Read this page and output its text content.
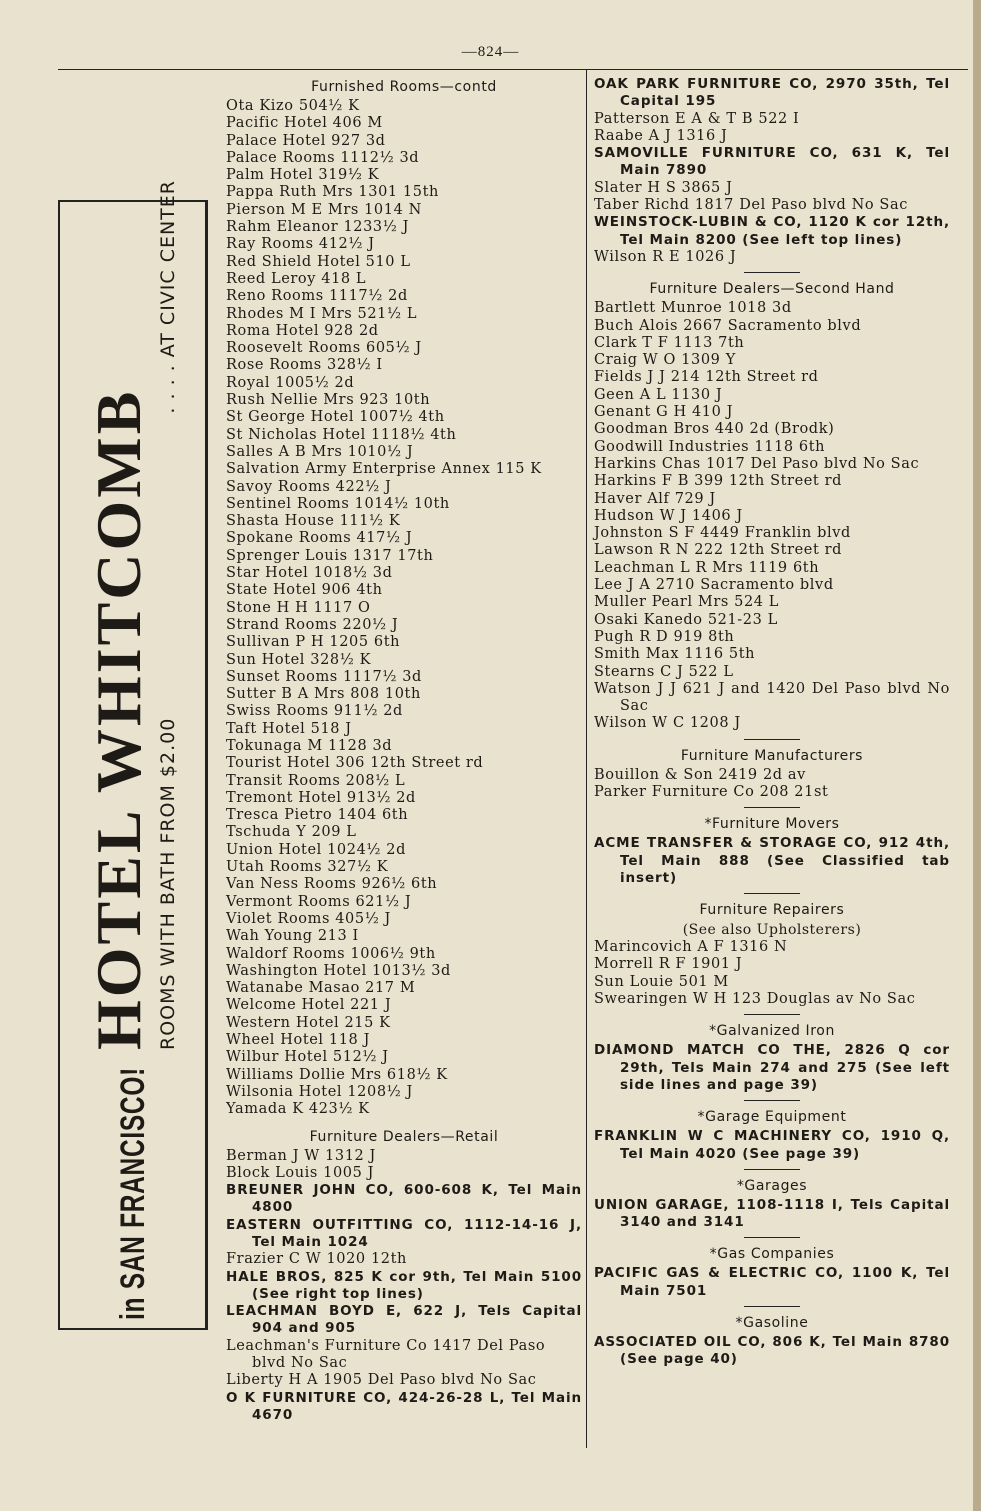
—824—
in SAN FRANCISCO!
HOTEL WHITCOMB ROOMS WITH BATH FROM $2.00
. . . . AT CIVIC CENTER
Furnished Rooms—contd
Ota Kizo 504½ K
Pacific Hotel 406 M
Palace Hotel 927 3d
Palace Rooms 1112½ 3d
Palm Hotel 319½ K
Pappa Ruth Mrs 1301 15th
Pierson M E Mrs 1014 N
Rahm Eleanor 1233½ J
Ray Rooms 412½ J
Red Shield Hotel 510 L
Reed Leroy 418 L
Reno Rooms 1117½ 2d
Rhodes M I Mrs 521½ L
Roma Hotel 928 2d
Roosevelt Rooms 605½ J
Rose Rooms 328½ I
Royal 1005½ 2d
Rush Nellie Mrs 923 10th
St George Hotel 1007½ 4th
St Nicholas Hotel 1118½ 4th
Salles A B Mrs 1010½ J
Salvation Army Enterprise Annex 115 K
Savoy Rooms 422½ J
Sentinel Rooms 1014½ 10th
Shasta House 111½ K
Spokane Rooms 417½ J
Sprenger Louis 1317 17th
Star Hotel 1018½ 3d
State Hotel 906 4th
Stone H H 1117 O
Strand Rooms 220½ J
Sullivan P H 1205 6th
Sun Hotel 328½ K
Sunset Rooms 1117½ 3d
Sutter B A Mrs 808 10th
Swiss Rooms 911½ 2d
Taft Hotel 518 J
Tokunaga M 1128 3d
Tourist Hotel 306 12th Street rd
Transit Rooms 208½ L
Tremont Hotel 913½ 2d
Tresca Pietro 1404 6th
Tschuda Y 209 L
Union Hotel 1024½ 2d
Utah Rooms 327½ K
Van Ness Rooms 926½ 6th
Vermont Rooms 621½ J
Violet Rooms 405½ J
Wah Young 213 I
Waldorf Rooms 1006½ 9th
Washington Hotel 1013½ 3d
Watanabe Masao 217 M
Welcome Hotel 221 J
Western Hotel 215 K
Wheel Hotel 118 J
Wilbur Hotel 512½ J
Williams Dollie Mrs 618½ K
Wilsonia Hotel 1208½ J
Yamada K 423½ K
Furniture Dealers—Retail
Berman J W 1312 J
Block Louis 1005 J
BREUNER JOHN CO, 600-608 K, Tel Main 4800
EASTERN OUTFITTING CO, 1112-14-16 J, Tel Main 1024
Frazier C W 1020 12th
HALE BROS, 825 K cor 9th, Tel Main 5100 (See right top lines)
LEACHMAN BOYD E, 622 J, Tels Capital 904 and 905
Leachman's Furniture Co 1417 Del Paso blvd No Sac
Liberty H A 1905 Del Paso blvd No Sac
O K FURNITURE CO, 424-26-28 L, Tel Main 4670
OAK PARK FURNITURE CO, 2970 35th, Tel Capital 195
Patterson E A & T B 522 I
Raabe A J 1316 J
SAMOVILLE FURNITURE CO, 631 K, Tel Main 7890
Slater H S 3865 J
Taber Richd 1817 Del Paso blvd No Sac
WEINSTOCK-LUBIN & CO, 1120 K cor 12th, Tel Main 8200 (See left top lines)
Wilson R E 1026 J
Furniture Dealers—Second Hand
Bartlett Munroe 1018 3d
Buch Alois 2667 Sacramento blvd
Clark T F 1113 7th
Craig W O 1309 Y
Fields J J 214 12th Street rd
Geen A L 1130 J
Genant G H 410 J
Goodman Bros 440 2d (Brodk)
Goodwill Industries 1118 6th
Harkins Chas 1017 Del Paso blvd No Sac
Harkins F B 399 12th Street rd
Haver Alf 729 J
Hudson W J 1406 J
Johnston S F 4449 Franklin blvd
Lawson R N 222 12th Street rd
Leachman L R Mrs 1119 6th
Lee J A 2710 Sacramento blvd
Muller Pearl Mrs 524 L
Osaki Kanedo 521-23 L
Pugh R D 919 8th
Smith Max 1116 5th
Stearns C J 522 L
Watson J J 621 J and 1420 Del Paso blvd No Sac
Wilson W C 1208 J
Furniture Manufacturers
Bouillon & Son 2419 2d av
Parker Furniture Co 208 21st
*Furniture Movers
ACME TRANSFER & STORAGE CO, 912 4th, Tel Main 888 (See Classified tab insert)
Furniture Repairers
(See also Upholsterers)
Marincovich A F 1316 N
Morrell R F 1901 J
Sun Louie 501 M
Swearingen W H 123 Douglas av No Sac
*Galvanized Iron
DIAMOND MATCH CO THE, 2826 Q cor 29th, Tels Main 274 and 275 (See left side lines and page 39)
*Garage Equipment
FRANKLIN W C MACHINERY CO, 1910 Q, Tel Main 4020 (See page 39)
*Garages
UNION GARAGE, 1108-1118 I, Tels Capital 3140 and 3141
*Gas Companies
PACIFIC GAS & ELECTRIC CO, 1100 K, Tel Main 7501
*Gasoline
ASSOCIATED OIL CO, 806 K, Tel Main 8780 (See page 40)
